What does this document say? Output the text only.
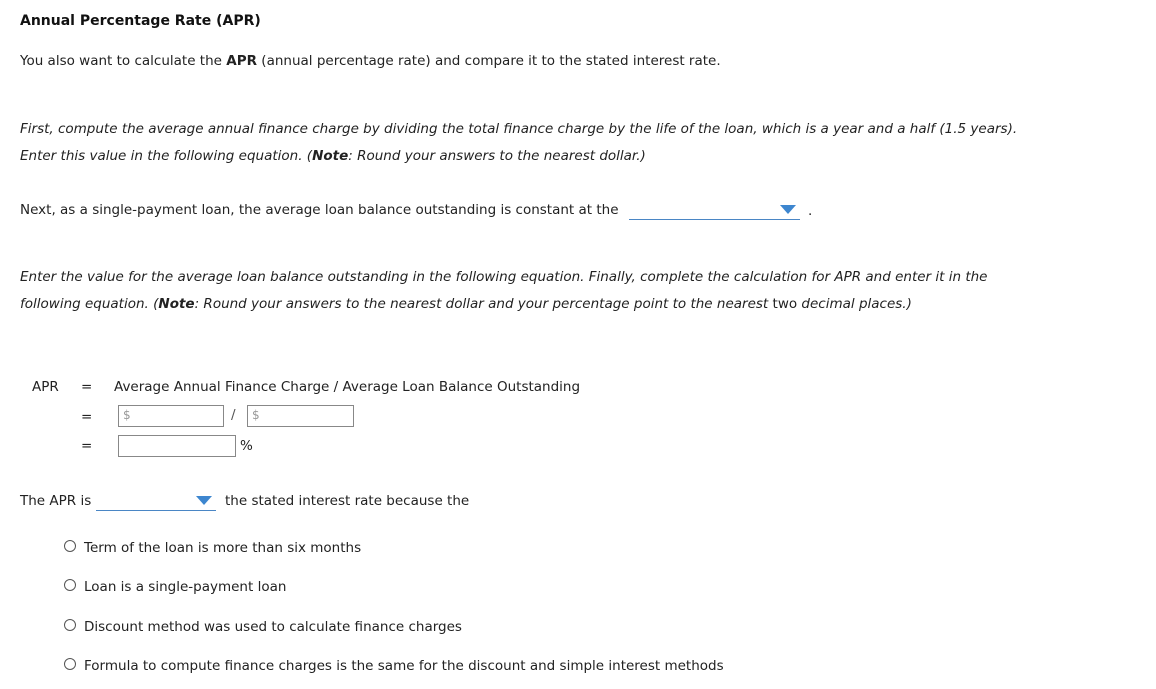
Annual Percentage Rate (APR)
You also want to calculate the APR (annual percentage rate) and compare it to the stated interest rate.
First, compute the average annual finance charge by dividing the total finance charge by the life of the loan, which is a year and a half (1.5 years).
Enter this value in the following equation. (Note: Round your answers to the nearest dollar.)
Next, as a single-payment loan, the average loan balance outstanding is constant at the	.
Enter the value for the average loan balance outstanding in the following equation. Finally, complete the calculation for APR and enter it in the
following equation. (Note: Round your answers to the nearest dollar and your percentage point to the nearest two decimal places.)
APR = Average Annual Finance Charge / Average Loan Balance Outstanding
=	$	/	$
=	%
The APR is	the stated interest rate because the
Term of the loan is more than six months
Loan is a single-payment loan
Discount method was used to calculate finance charges
Formula to compute finance charges is the same for the discount and simple interest methods
